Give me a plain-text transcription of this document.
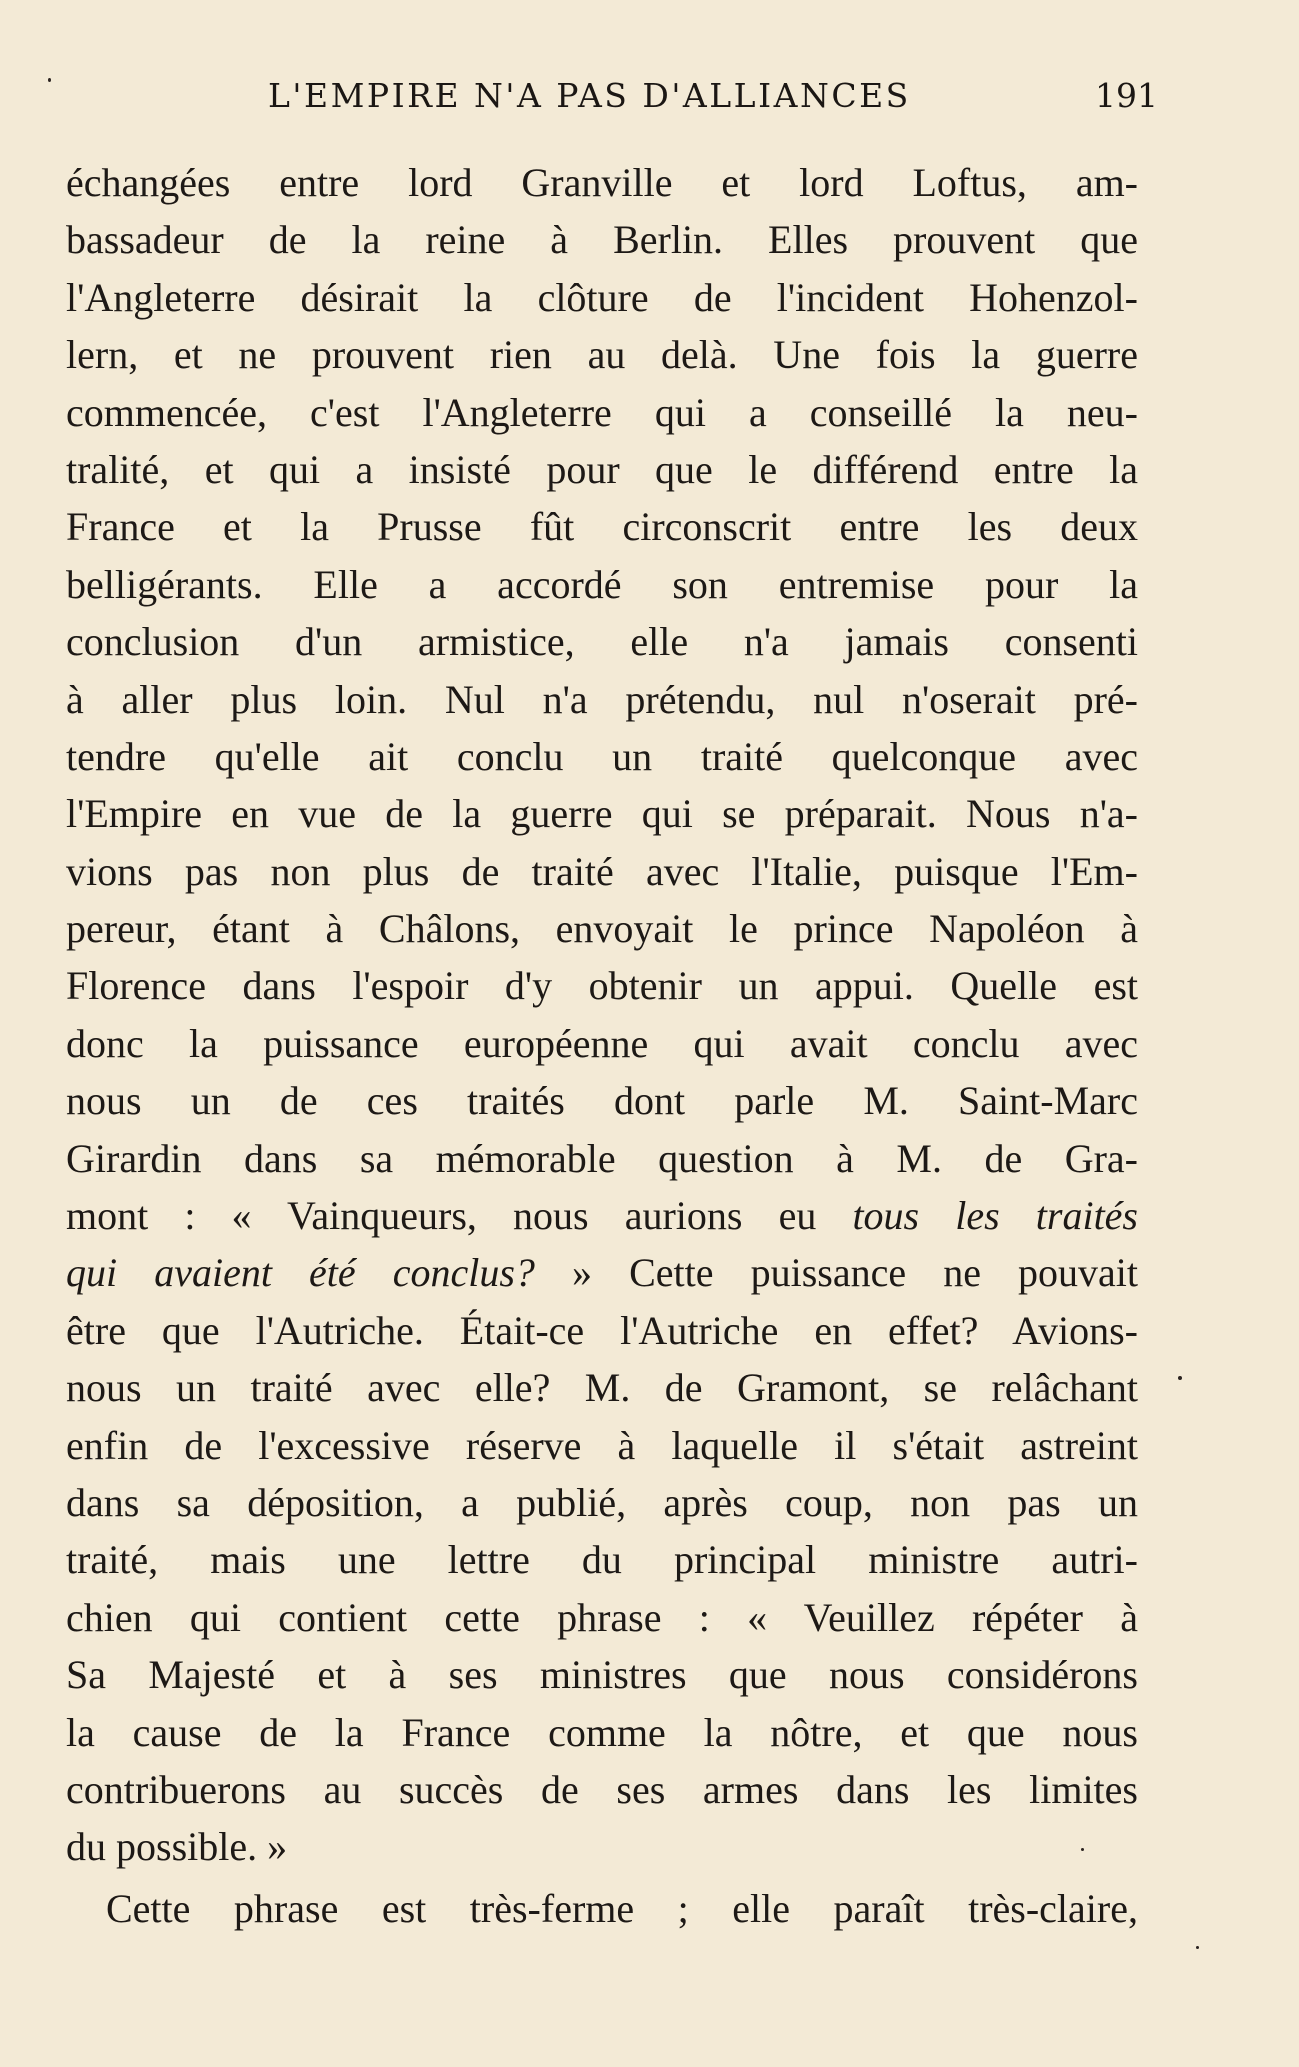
L'EMPIRE N'A PAS D'ALLIANCES	191
échangées entre lord Granville et lord Loftus, am-
bassadeur de la reine à Berlin. Elles prouvent que
l'Angleterre désirait la clôture de l'incident Hohenzol-
lern, et ne prouvent rien au delà. Une fois la guerre
commencée, c'est l'Angleterre qui a conseillé la neu-
tralité, et qui a insisté pour que le différend entre la
France et la Prusse fût circonscrit entre les deux
belligérants. Elle a accordé son entremise pour la
conclusion d'un armistice, elle n'a jamais consenti
à aller plus loin. Nul n'a prétendu, nul n'oserait pré-
tendre qu'elle ait conclu un traité quelconque avec
l'Empire en vue de la guerre qui se préparait. Nous n'a-
vions pas non plus de traité avec l'Italie, puisque l'Em-
pereur, étant à Châlons, envoyait le prince Napoléon à
Florence dans l'espoir d'y obtenir un appui. Quelle est
donc la puissance européenne qui avait conclu avec
nous un de ces traités dont parle M. Saint-Marc
Girardin dans sa mémorable question à M. de Gra-
mont : « Vainqueurs, nous aurions eu tous les traités
qui avaient été conclus? » Cette puissance ne pouvait
être que l'Autriche. Était-ce l'Autriche en effet? Avions-
nous un traité avec elle? M. de Gramont, se relâchant
enfin de l'excessive réserve à laquelle il s'était astreint
dans sa déposition, a publié, après coup, non pas un
traité, mais une lettre du principal ministre autri-
chien qui contient cette phrase : « Veuillez répéter à
Sa Majesté et à ses ministres que nous considérons
la cause de la France comme la nôtre, et que nous
contribuerons au succès de ses armes dans les limites
du possible. »
Cette phrase est très-ferme ; elle paraît très-claire,
